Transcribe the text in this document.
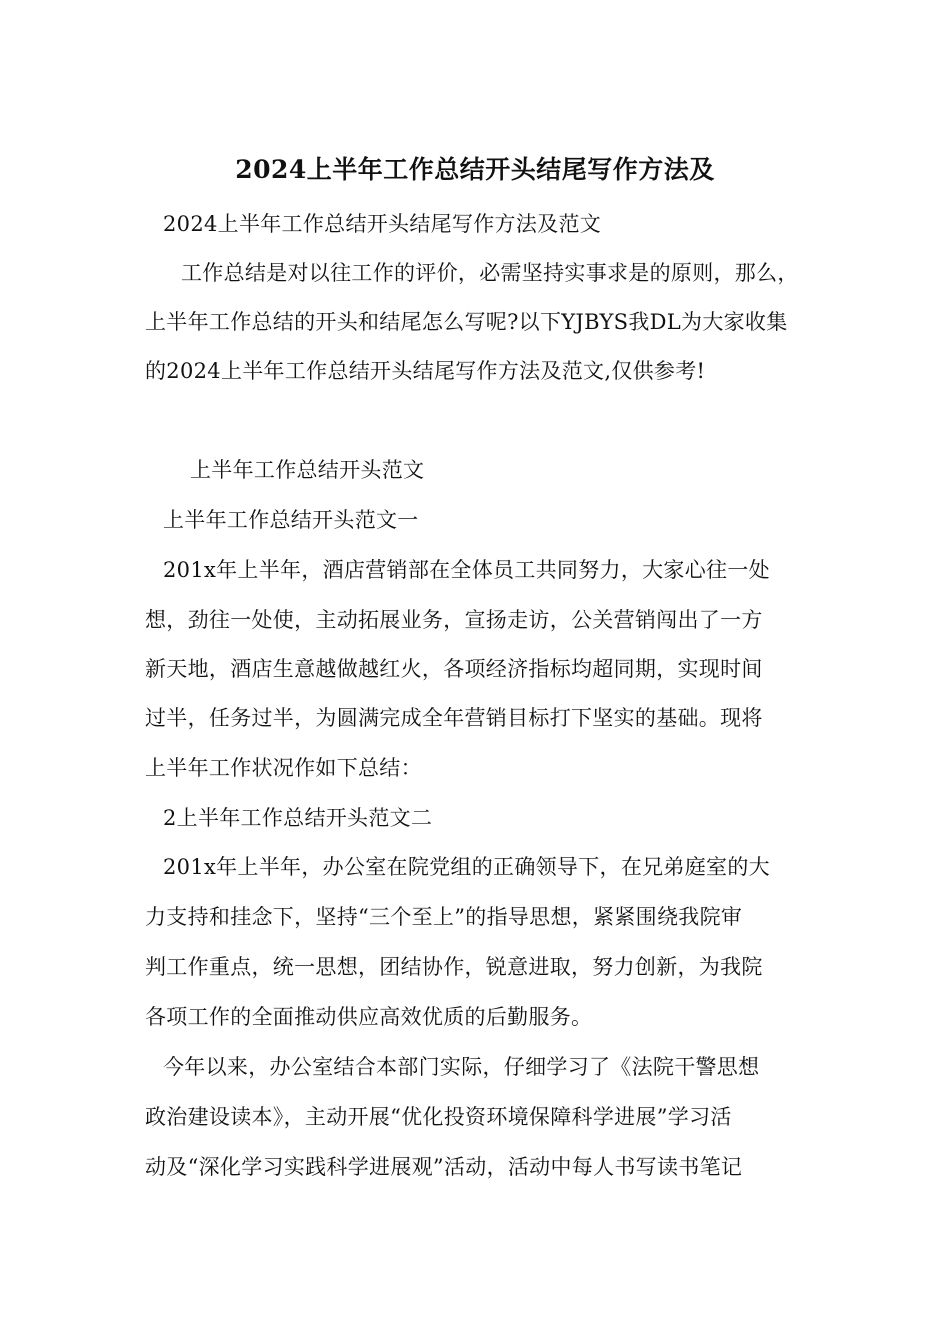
2024上半年工作总结开头结尾写作方法及
2024上半年工作总结开头结尾写作方法及范文
工作总结是对以往工作的评价，必需坚持实事求是的原则，那么，
上半年工作总结的开头和结尾怎么写呢?以下YJBYS我DL为大家收集
的2024上半年工作总结开头结尾写作方法及范文,仅供参考!
上半年工作总结开头范文
上半年工作总结开头范文一
201x年上半年，酒店营销部在全体员工共同努力，大家心往一处
想，劲往一处使，主动拓展业务，宣扬走访，公关营销闯出了一方
新天地，酒店生意越做越红火，各项经济指标均超同期，实现时间
过半，任务过半，为圆满完成全年营销目标打下坚实的基础。现将
上半年工作状况作如下总结：
2上半年工作总结开头范文二
201x年上半年，办公室在院党组的正确领导下，在兄弟庭室的大
力支持和挂念下，坚持“三个至上”的指导思想，紧紧围绕我院审
判工作重点，统一思想，团结协作，锐意进取，努力创新，为我院
各项工作的全面推动供应高效优质的后勤服务。
今年以来，办公室结合本部门实际，仔细学习了《法院干警思想
政治建设读本》，主动开展“优化投资环境保障科学进展”学习活
动及“深化学习实践科学进展观”活动，活动中每人书写读书笔记
